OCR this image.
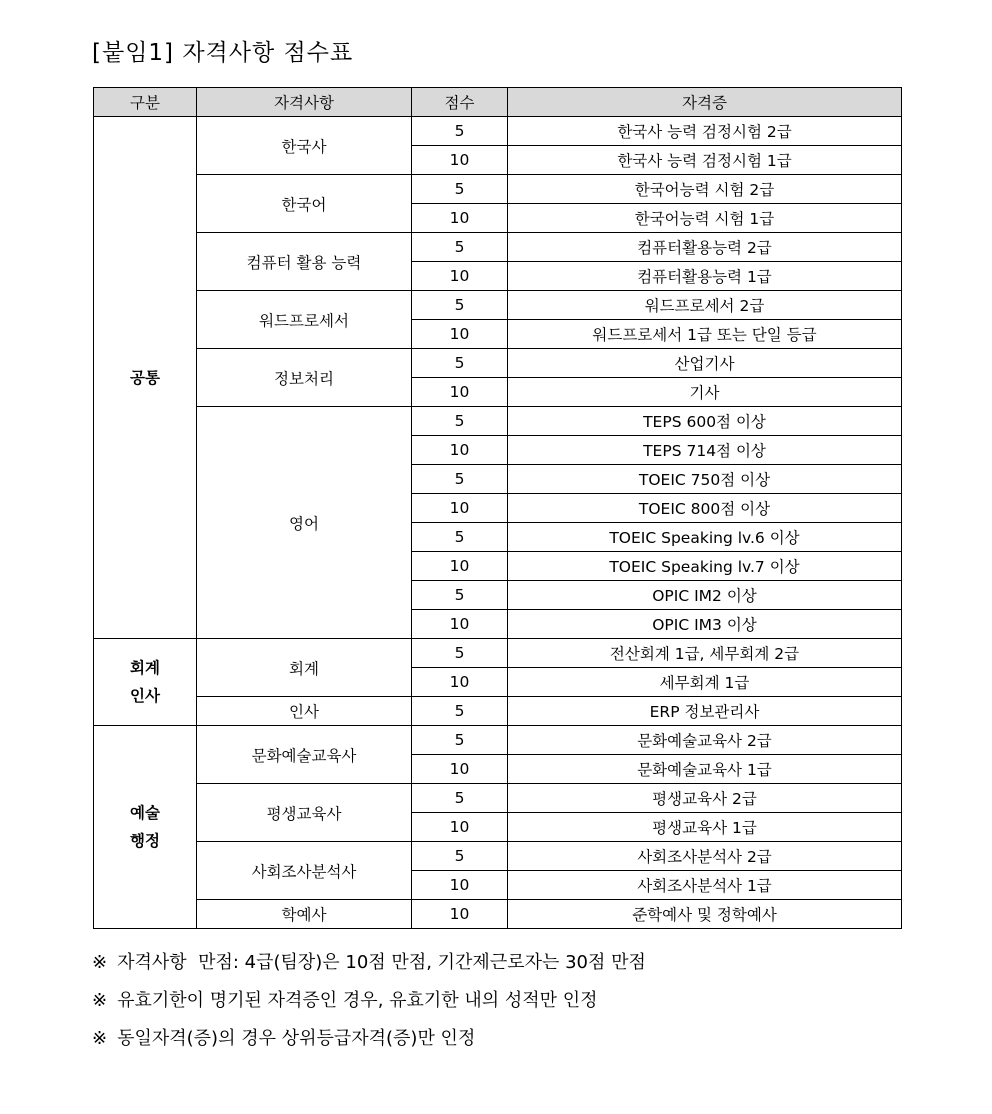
[붙임1] 자격사항 점수표
구분	자격사항	점수	자격증

공통	한국사	5	한국사 능력 검정시험 2급
		10	한국사 능력 검정시험 1급
	한국어	5	한국어능력 시험 2급
		10	한국어능력 시험 1급
	컴퓨터 활용 능력	5	컴퓨터활용능력 2급
		10	컴퓨터활용능력 1급
	워드프로세서	5	워드프로세서 2급
		10	워드프로세서 1급 또는 단일 등급
	정보처리	5	산업기사
		10	기사
	영어	5	TEPS 600점 이상
		10	TEPS 714점 이상
		5	TOEIC 750점 이상
		10	TOEIC 800점 이상
		5	TOEIC Speaking lv.6 이상
		10	TOEIC Speaking lv.7 이상
		5	OPIC IM2 이상
		10	OPIC IM3 이상

회계
인사	회계	5	전산회계 1급, 세무회계 2급
		10	세무회계 1급
	인사	5	ERP 정보관리사

예술
행정	문화예술교육사	5	문화예술교육사 2급
		10	문화예술교육사 1급
	평생교육사	5	평생교육사 2급
		10	평생교육사 1급
	사회조사분석사	5	사회조사분석사 2급
		10	사회조사분석사 1급
	학예사	10	준학예사 및 정학예사
※ 자격사항  만점: 4급(팀장)은 10점 만점, 기간제근로자는 30점 만점
※ 유효기한이 명기된 자격증인 경우, 유효기한 내의 성적만 인정
※ 동일자격(증)의 경우 상위등급자격(증)만 인정
